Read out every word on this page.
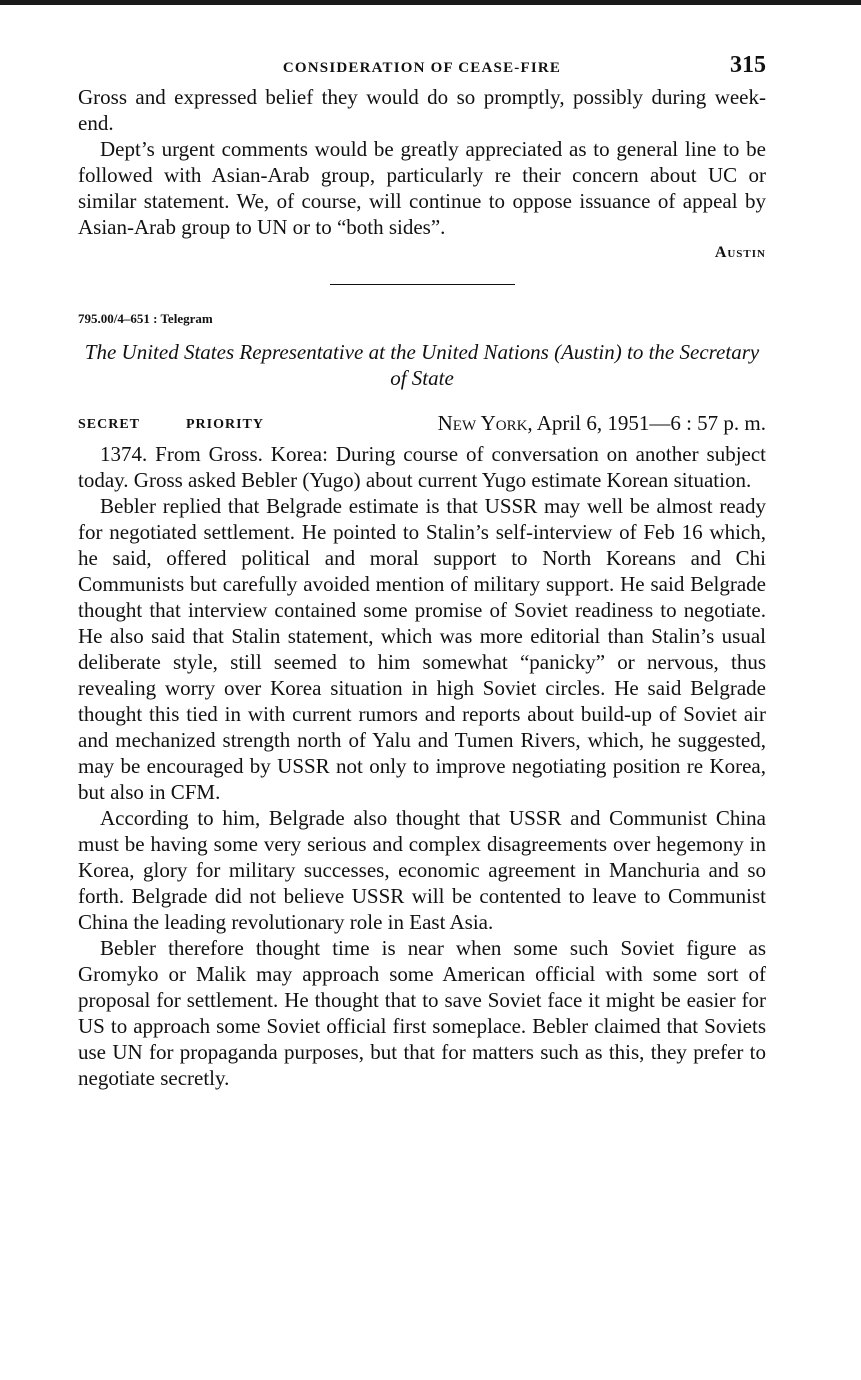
CONSIDERATION OF CEASE-FIRE	315

Gross and expressed belief they would do so promptly, possibly during week-end.

Dept’s urgent comments would be greatly appreciated as to general line to be followed with Asian-Arab group, particularly re their concern about UC or similar statement. We, of course, will continue to oppose issuance of appeal by Asian-Arab group to UN or to “both sides”.

Austin
795.00/4–651 : Telegram
The United States Representative at the United Nations (Austin) to the Secretary of State
SECRET	PRIORITY	New York, April 6, 1951—6 : 57 p. m.

1374. From Gross. Korea: During course of conversation on another subject today. Gross asked Bebler (Yugo) about current Yugo estimate Korean situation.

Bebler replied that Belgrade estimate is that USSR may well be almost ready for negotiated settlement. He pointed to Stalin’s self-interview of Feb 16 which, he said, offered political and moral support to North Koreans and Chi Communists but carefully avoided mention of military support. He said Belgrade thought that interview contained some promise of Soviet readiness to negotiate. He also said that Stalin statement, which was more editorial than Stalin’s usual deliberate style, still seemed to him somewhat “panicky” or nervous, thus revealing worry over Korea situation in high Soviet circles. He said Belgrade thought this tied in with current rumors and reports about build-up of Soviet air and mechanized strength north of Yalu and Tumen Rivers, which, he suggested, may be encouraged by USSR not only to improve negotiating position re Korea, but also in CFM.

According to him, Belgrade also thought that USSR and Communist China must be having some very serious and complex disagreements over hegemony in Korea, glory for military successes, economic agreement in Manchuria and so forth. Belgrade did not believe USSR will be contented to leave to Communist China the leading revolutionary role in East Asia.

Bebler therefore thought time is near when some such Soviet figure as Gromyko or Malik may approach some American official with some sort of proposal for settlement. He thought that to save Soviet face it might be easier for US to approach some Soviet official first someplace. Bebler claimed that Soviets use UN for propaganda purposes, but that for matters such as this, they prefer to negotiate secretly.
